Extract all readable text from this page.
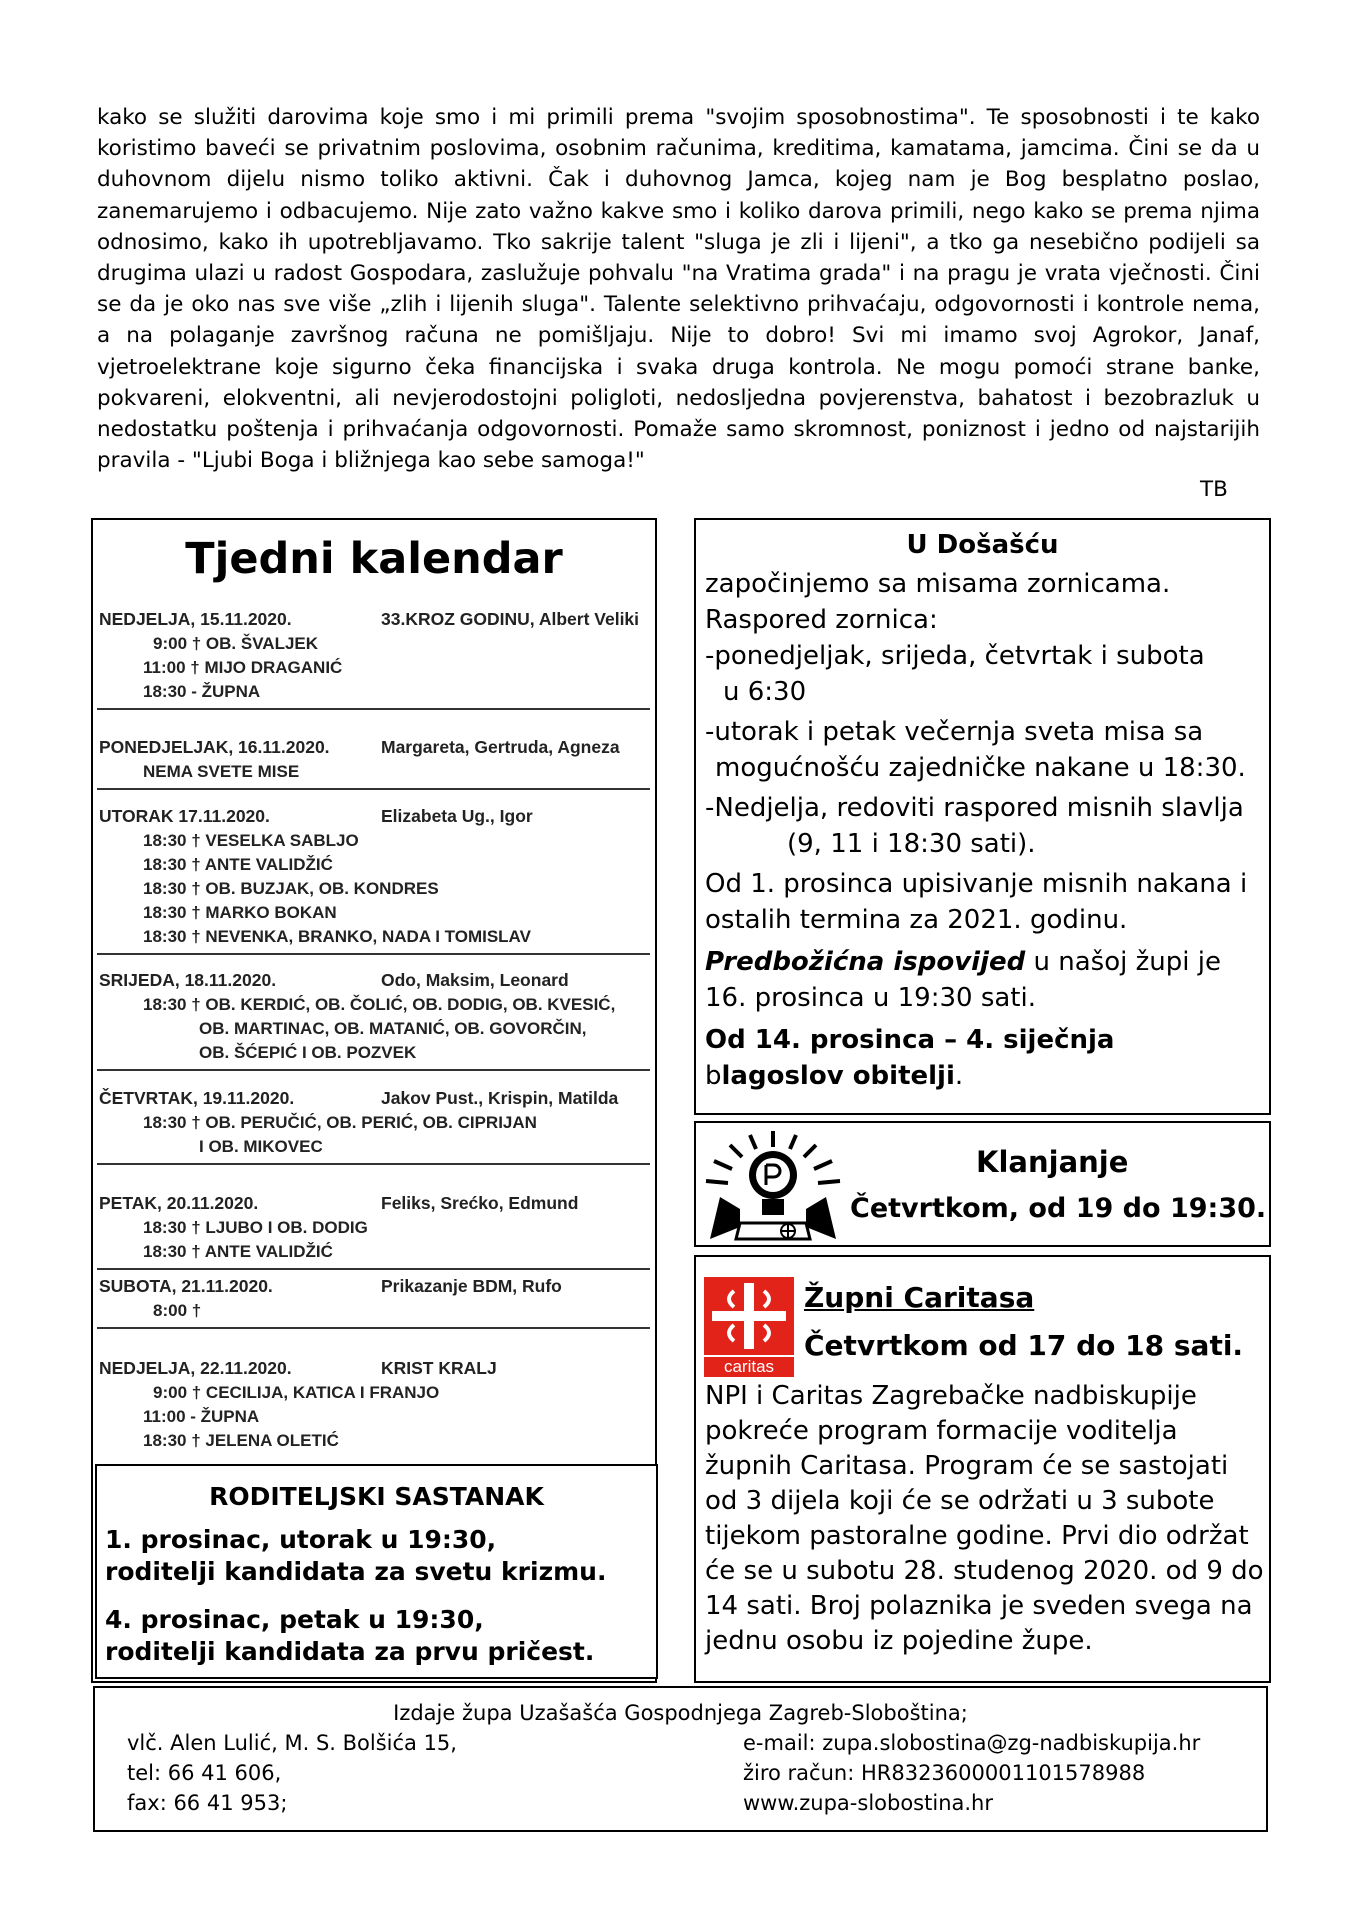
kako se služiti darovima koje smo i mi primili prema "svojim sposobnostima". Te sposobnosti i te kako koristimo baveći se privatnim poslovima, osobnim računima, kreditima, kamatama, jamcima. Čini se da u duhovnom dijelu nismo toliko aktivni. Čak i duhovnog Jamca, kojeg nam je Bog besplatno poslao, zanemarujemo i odbacujemo. Nije zato važno kakve smo i koliko darova primili, nego kako se prema njima odnosimo, kako ih upotrebljavamo. Tko sakrije talent "sluga je zli i lijeni", a tko ga nesebično podijeli sa drugima ulazi u radost Gospodara, zaslužuje pohvalu "na Vratima grada" i na pragu je vrata vječnosti. Čini se da je oko nas sve više „zlih i lijenih sluga". Talente selektivno prihvaćaju, odgovornosti i kontrole nema, a na polaganje završnog računa ne pomišljaju. Nije to dobro! Svi mi imamo svoj Agrokor, Janaf, vjetroelektrane koje sigurno čeka financijska i svaka druga kontrola. Ne mogu pomoći strane banke, pokvareni, elokventni, ali nevjerodostojni poligloti, nedosljedna povjerenstva, bahatost i bezobrazluk u nedostatku poštenja i prihvaćanja odgovornosti. Pomaže samo skromnost, poniznost i jedno od najstarijih pravila - "Ljubi Boga i bližnjega kao sebe samoga!"
TB
Tjedni kalendar
NEDJELJA, 15.11.2020.	33.KROZ GODINU, Albert Veliki
9:00 † OB. ŠVALJEK
11:00 † MIJO DRAGANIĆ
18:30 - ŽUPNA
PONEDJELJAK, 16.11.2020.	Margareta, Gertruda, Agneza
NEMA SVETE MISE
UTORAK 17.11.2020.	Elizabeta Ug., Igor
18:30 † VESELKA SABLJO
18:30 † ANTE VALIDŽIĆ
18:30 † OB. BUZJAK, OB. KONDRES
18:30 † MARKO BOKAN
18:30 † NEVENKA, BRANKO, NADA I TOMISLAV
SRIJEDA, 18.11.2020.	Odo, Maksim, Leonard
18:30 † OB. KERDIĆ, OB. ČOLIĆ, OB. DODIG, OB. KVESIĆ,
OB. MARTINAC, OB. MATANIĆ, OB. GOVORČIN,
OB. ŠĆEPIĆ I OB. POZVEK
ČETVRTAK, 19.11.2020.	Jakov Pust., Krispin, Matilda
18:30 † OB. PERUČIĆ, OB. PERIĆ, OB. CIPRIJAN
I OB. MIKOVEC
PETAK, 20.11.2020.	Feliks, Srećko, Edmund
18:30 † LJUBO I OB. DODIG
18:30 † ANTE VALIDŽIĆ
SUBOTA, 21.11.2020.	Prikazanje BDM, Rufo
8:00 †
NEDJELJA, 22.11.2020.	KRIST KRALJ
9:00 † CECILIJA, KATICA I FRANJO
11:00 - ŽUPNA
18:30 † JELENA OLETIĆ
RODITELJSKI SASTANAK
1. prosinac, utorak u 19:30,
roditelji kandidata za svetu krizmu.
4. prosinac, petak u 19:30,
roditelji kandidata za prvu pričest.
U Došašću
započinjemo sa misama zornicama.
Raspored zornica:
-ponedjeljak, srijeda, četvrtak i subota
u 6:30
-utorak i petak večernja sveta misa sa
mogućnošću zajedničke nakane u 18:30.
-Nedjelja, redoviti raspored misnih slavlja
(9, 11 i 18:30 sati).
Od 1. prosinca upisivanje misnih nakana i
ostalih termina za 2021. godinu.
Predbožićna ispovijed u našoj župi je
16. prosinca u 19:30 sati.
Od 14. prosinca – 4. siječnja
blagoslov obitelji.
Klanjanje
Četvrtkom, od 19 do 19:30.
caritas
Župni Caritasa
Četvrtkom od 17 do 18 sati.
NPI i Caritas Zagrebačke nadbiskupije pokreće program formacije voditelja župnih Caritasa. Program će se sastojati od 3 dijela koji će se održati u 3 subote tijekom pastoralne godine. Prvi dio održat će se u subotu 28. studenog 2020. od 9 do 14 sati. Broj polaznika je sveden svega na jednu osobu iz pojedine župe.
Izdaje župa Uzašašća Gospodnjega Zagreb-Sloboština;
vlč. Alen Lulić, M. S. Bolšića 15,
tel: 66 41 606,
fax: 66 41 953;
e-mail: zupa.slobostina@zg-nadbiskupija.hr
žiro račun: HR8323600001101578988
www.zupa-slobostina.hr
